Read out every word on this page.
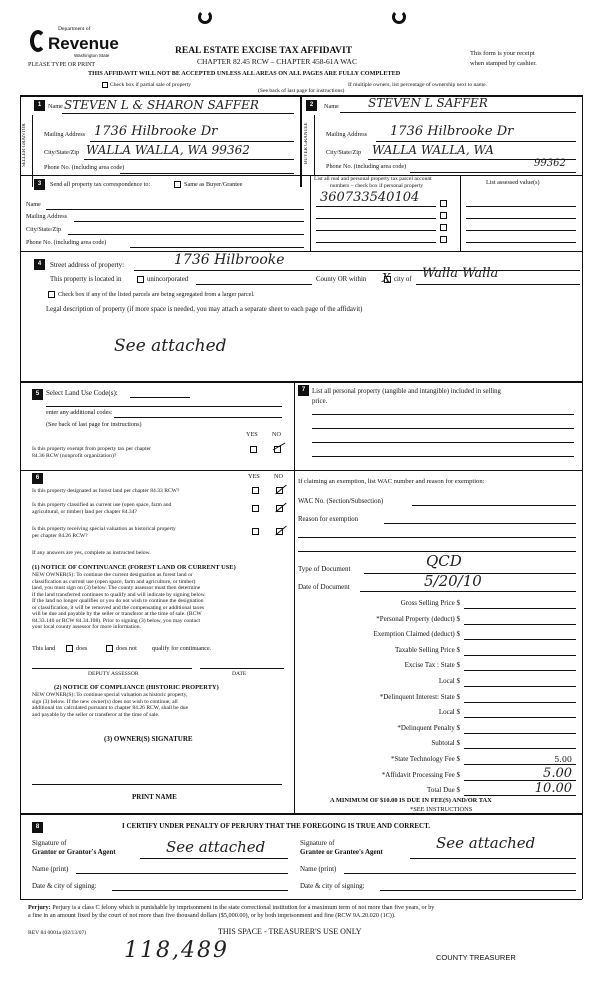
Department of
Revenue
Washington State
PLEASE TYPE OR PRINT
REAL ESTATE EXCISE TAX AFFIDAVIT
CHAPTER 82.45 RCW – CHAPTER 458-61A WAC
This form is your receipt
when stamped by cashier.
THIS AFFIDAVIT WILL NOT BE ACCEPTED UNLESS ALL AREAS ON ALL PAGES ARE FULLY COMPLETED
Check box if partial sale of property	If multiple owners, list percentage of ownership next to name.
(See back of last page for instructions)
1
SELLER GRANTOR
Name STEVEN L & SHARON SAFFER
Mailing Address 1736 Hilbrooke Dr
City/State/Zip WALLA WALLA, WA 99362
Phone No. (including area code)
2
BUYER GRANTEE
Name STEVEN L SAFFER
Mailing Address 1736 Hilbrooke Dr
City/State/Zip WALLA WALLA, WA
Phone No. (including area code)	99362
3	Send all property tax correspondence to:	Same as Buyer/Grantee
Name
Mailing Address
City/State/Zip
Phone No. (including area code)
List all real and personal property tax parcel account
numbers – check box if personal property	List assessed value(s)
360733540104
4	Street address of property:	1736 Hilbrooke
This property is located in	unincorporated	County OR within X city of Walla Walla
Check box if any of the listed parcels are being segregated from a larger parcel.
Legal description of property (if more space is needed, you may attach a separate sheet to each page of the affidavit)
See attached
5 Select Land Use Code(s):
enter any additional codes:
(See back of last page for instructions)
YES NO
Is this property exempt from property tax per chapter
84.36 RCW (nonprofit organization)?
7	List all personal property (tangible and intangible) included in selling
price.
6	YES NO
Is this property designated as forest land per chapter 84.33 RCW?
Is this property classified as current use (open space, farm and
agricultural, or timber) land per chapter 84.34?
Is this property receiving special valuation as historical property
per chapter 84.26 RCW?
If any answers are yes, complete as instructed below.
(1) NOTICE OF CONTINUANCE (FOREST LAND OR CURRENT USE)
NEW OWNER(S): To continue the current designation as forest land or
classification as current use (open space, farm and agriculture, or timber)
land, you must sign on (3) below. The county assessor must then determine
if the land transferred continues to qualify and will indicate by signing below.
If the land no longer qualifies or you do not wish to continue the designation
or classification, it will be removed and the compensating or additional taxes
will be due and payable by the seller or transferor at the time of sale. (RCW
84.33.140 or RCW 84.34.108). Prior to signing (3) below, you may contact
your local county assessor for more information.
This land	does	does not qualify for continuance.
DEPUTY ASSESSOR	DATE
(2) NOTICE OF COMPLIANCE (HISTORIC PROPERTY)
NEW OWNER(S): To continue special valuation as historic property,
sign (3) below. If the new owner(s) does not wish to continue, all
additional tax calculated pursuant to chapter 84.26 RCW, shall be due
and payable by the seller or transferor at the time of sale.
(3) OWNER(S) SIGNATURE
PRINT NAME
If claiming an exemption, list WAC number and reason for exemption:
WAC No. (Section/Subsection)
Reason for exemption
Type of Document	QCD
Date of Document	5/20/10
Gross Selling Price $
*Personal Property (deduct) $
Exemption Claimed (deduct) $
Taxable Selling Price $
Excise Tax : State $
Local $
*Delinquent Interest: State $
Local $
*Delinquent Penalty $
Subtotal $
*State Technology Fee $	5.00
*Affidavit Processing Fee $	5.00
Total Due $	10.00
A MINIMUM OF $10.00 IS DUE IN FEE(S) AND/OR TAX
*SEE INSTRUCTIONS
8	I CERTIFY UNDER PENALTY OF PERJURY THAT THE FOREGOING IS TRUE AND CORRECT.
Signature of
Grantor or Grantor's Agent	See attached
Name (print)
Date & city of signing:
Signature of
Grantee or Grantee's Agent	See attached
Name (print)
Date & city of signing:
Perjury: Perjury is a class C felony which is punishable by imprisonment in the state correctional institution for a maximum term of not more than five years, or by
a fine in an amount fixed by the court of not more than five thousand dollars ($5,000.00), or by both imprisonment and fine (RCW 9A.20.020 (1C)).
REV 84 0001a (02/13/07)	THIS SPACE - TREASURER'S USE ONLY
118,489	COUNTY TREASURER
